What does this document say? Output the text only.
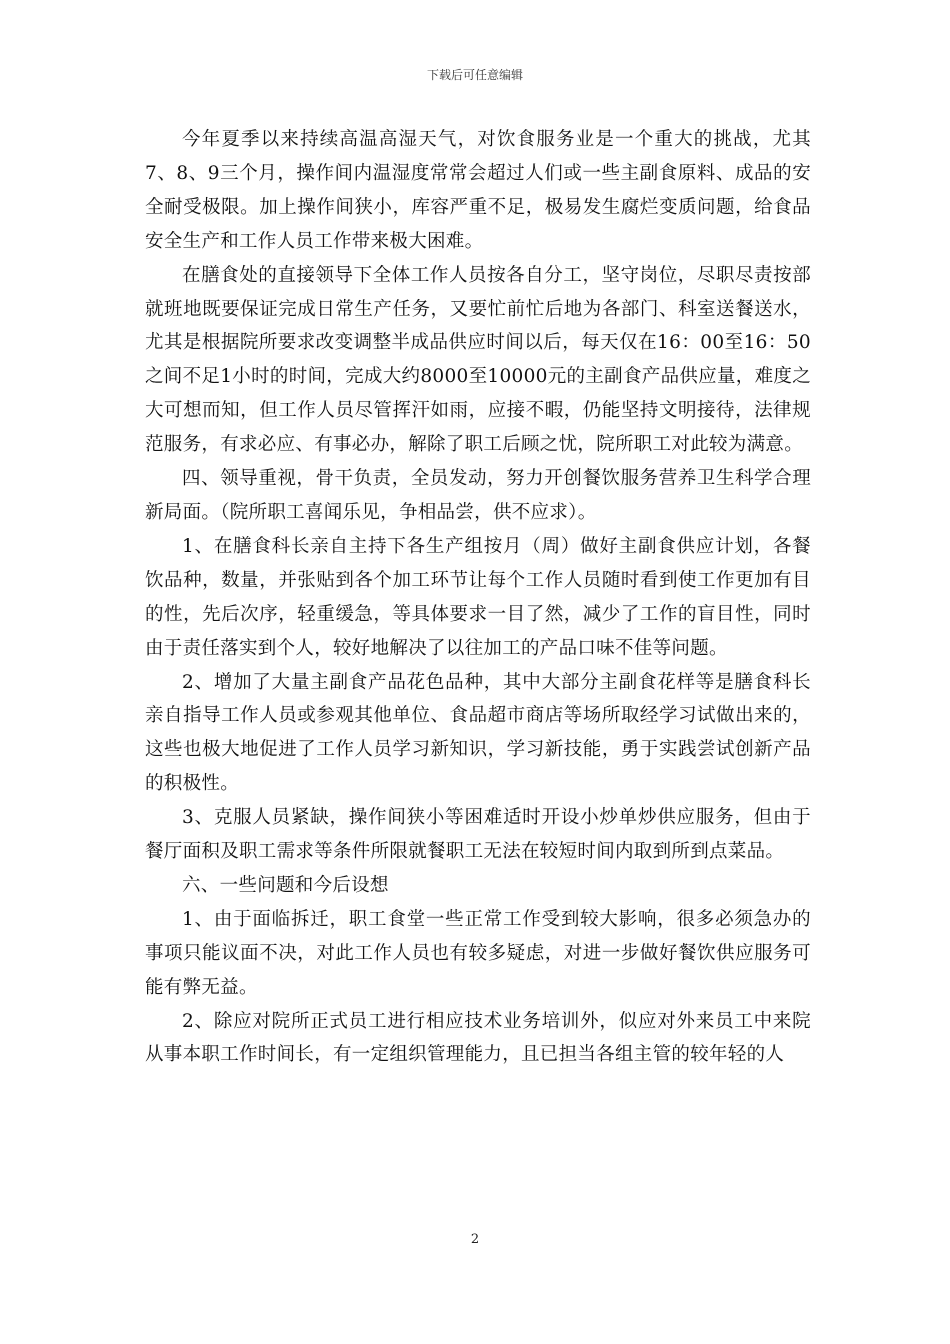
下载后可任意编辑

今年夏季以来持续高温高湿天气，对饮食服务业是一个重大的挑战，尤其7、8、9三个月，操作间内温湿度常常会超过人们或一些主副食原料、成品的安全耐受极限。加上操作间狭小，库容严重不足，极易发生腐烂变质问题，给食品安全生产和工作人员工作带来极大困难。

在膳食处的直接领导下全体工作人员按各自分工，坚守岗位，尽职尽责按部就班地既要保证完成日常生产任务，又要忙前忙后地为各部门、科室送餐送水，尤其是根据院所要求改变调整半成品供应时间以后，每天仅在16：00至16：50之间不足1小时的时间，完成大约8000至10000元的主副食产品供应量，难度之大可想而知，但工作人员尽管挥汗如雨，应接不暇，仍能坚持文明接待，法律规范服务，有求必应、有事必办，解除了职工后顾之忧，院所职工对此较为满意。

四、领导重视，骨干负责，全员发动，努力开创餐饮服务营养卫生科学合理新局面。（院所职工喜闻乐见，争相品尝，供不应求）。

1、在膳食科长亲自主持下各生产组按月（周）做好主副食供应计划，各餐饮品种，数量，并张贴到各个加工环节让每个工作人员随时看到使工作更加有目的性，先后次序，轻重缓急，等具体要求一目了然，减少了工作的盲目性，同时由于责任落实到个人，较好地解决了以往加工的产品口味不佳等问题。

2、增加了大量主副食产品花色品种，其中大部分主副食花样等是膳食科长亲自指导工作人员或参观其他单位、食品超市商店等场所取经学习试做出来的，这些也极大地促进了工作人员学习新知识，学习新技能，勇于实践尝试创新产品的积极性。

3、克服人员紧缺，操作间狭小等困难适时开设小炒单炒供应服务，但由于餐厅面积及职工需求等条件所限就餐职工无法在较短时间内取到所到点菜品。

六、一些问题和今后设想

1、由于面临拆迁，职工食堂一些正常工作受到较大影响，很多必须急办的事项只能议面不决，对此工作人员也有较多疑虑，对进一步做好餐饮供应服务可能有弊无益。

2、除应对院所正式员工进行相应技术业务培训外，似应对外来员工中来院从事本职工作时间长，有一定组织管理能力，且已担当各组主管的较年轻的人

2
